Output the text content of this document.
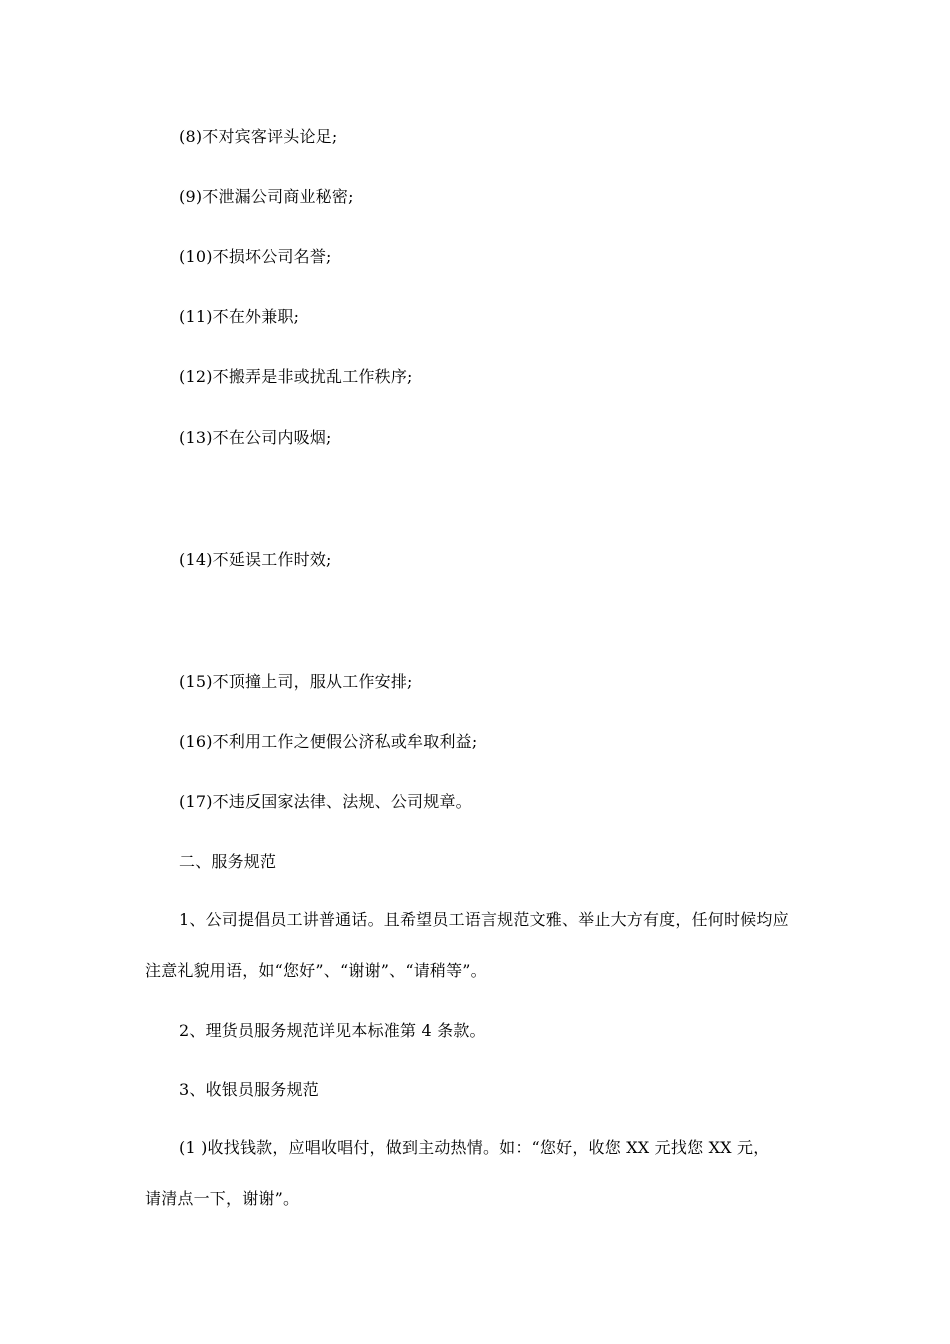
(8)不对宾客评头论足;
(9)不泄漏公司商业秘密;
(10)不损坏公司名誉;
(11)不在外兼职;
(12)不搬弄是非或扰乱工作秩序;
(13)不在公司内吸烟;
(14)不延误工作时效;
(15)不顶撞上司，服从工作安排;
(16)不利用工作之便假公济私或牟取利益;
(17)不违反国家法律、法规、公司规章。
二、服务规范
1、公司提倡员工讲普通话。且希望员工语言规范文雅、举止大方有度，任何时候均应
注意礼貌用语，如“您好”、“谢谢”、“请稍等”。
2、理货员服务规范详见本标准第 4 条款。
3、收银员服务规范
(1 )收找钱款，应唱收唱付，做到主动热情。如：“您好，收您 XX 元找您 XX 元，
请清点一下，谢谢”。
